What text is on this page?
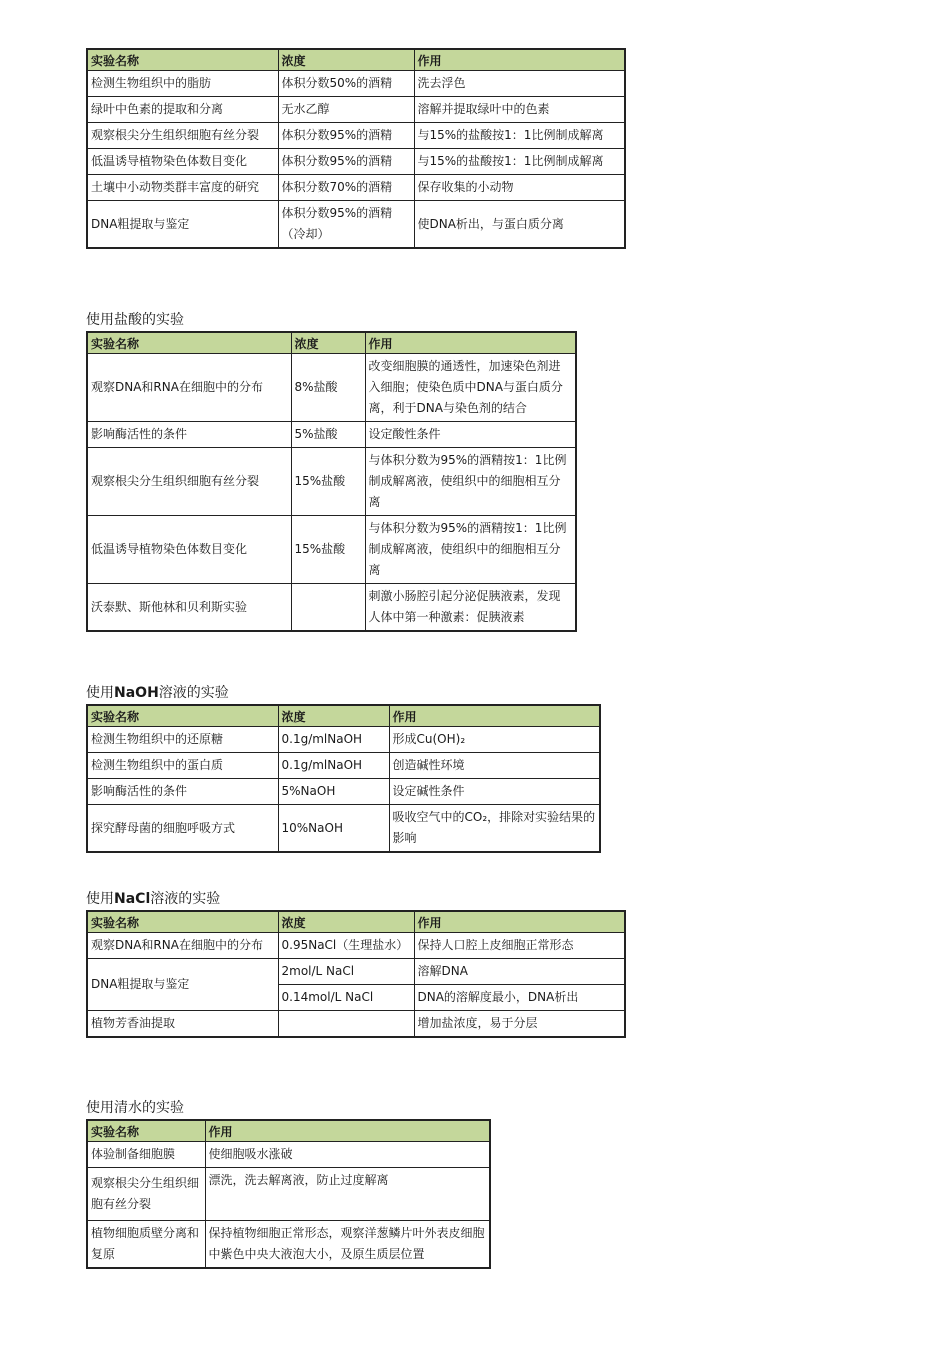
实验名称	浓度	作用
检测生物组织中的脂肪	体积分数50%的酒精	洗去浮色
绿叶中色素的提取和分离	无水乙醇	溶解并提取绿叶中的色素
观察根尖分生组织细胞有丝分裂	体积分数95%的酒精	与15%的盐酸按1：1比例制成解离
低温诱导植物染色体数目变化	体积分数95%的酒精	与15%的盐酸按1：1比例制成解离
土壤中小动物类群丰富度的研究	体积分数70%的酒精	保存收集的小动物
DNA粗提取与鉴定	体积分数95%的酒精（冷却）	使DNA析出，与蛋白质分离
使用盐酸的实验
实验名称	浓度	作用
观察DNA和RNA在细胞中的分布	8%盐酸	改变细胞膜的通透性，加速染色剂进入细胞；使染色质中DNA与蛋白质分离，利于DNA与染色剂的结合
影响酶活性的条件	5%盐酸	设定酸性条件
观察根尖分生组织细胞有丝分裂	15%盐酸	与体积分数为95%的酒精按1：1比例制成解离液，使组织中的细胞相互分离
低温诱导植物染色体数目变化	15%盐酸	与体积分数为95%的酒精按1：1比例制成解离液，使组织中的细胞相互分离
沃泰默、斯他林和贝利斯实验		刺激小肠腔引起分泌促胰液素，发现人体中第一种激素：促胰液素
使用NaOH溶液的实验
实验名称	浓度	作用
检测生物组织中的还原糖	0.1g/mlNaOH	形成Cu(OH)₂
检测生物组织中的蛋白质	0.1g/mlNaOH	创造碱性环境
影响酶活性的条件	5%NaOH	设定碱性条件
探究酵母菌的细胞呼吸方式	10%NaOH	吸收空气中的CO₂，排除对实验结果的影响
使用NaCl溶液的实验
实验名称	浓度	作用
观察DNA和RNA在细胞中的分布	0.95NaCl（生理盐水）	保持人口腔上皮细胞正常形态
DNA粗提取与鉴定	2mol/L NaCl	溶解DNA
	0.14mol/L NaCl	DNA的溶解度最小，DNA析出
植物芳香油提取		增加盐浓度，易于分层
使用清水的实验
实验名称	作用
体验制备细胞膜	使细胞吸水涨破
观察根尖分生组织细胞有丝分裂	漂洗，洗去解离液，防止过度解离
植物细胞质壁分离和复原	保持植物细胞正常形态，观察洋葱鳞片叶外表皮细胞中紫色中央大液泡大小，及原生质层位置
